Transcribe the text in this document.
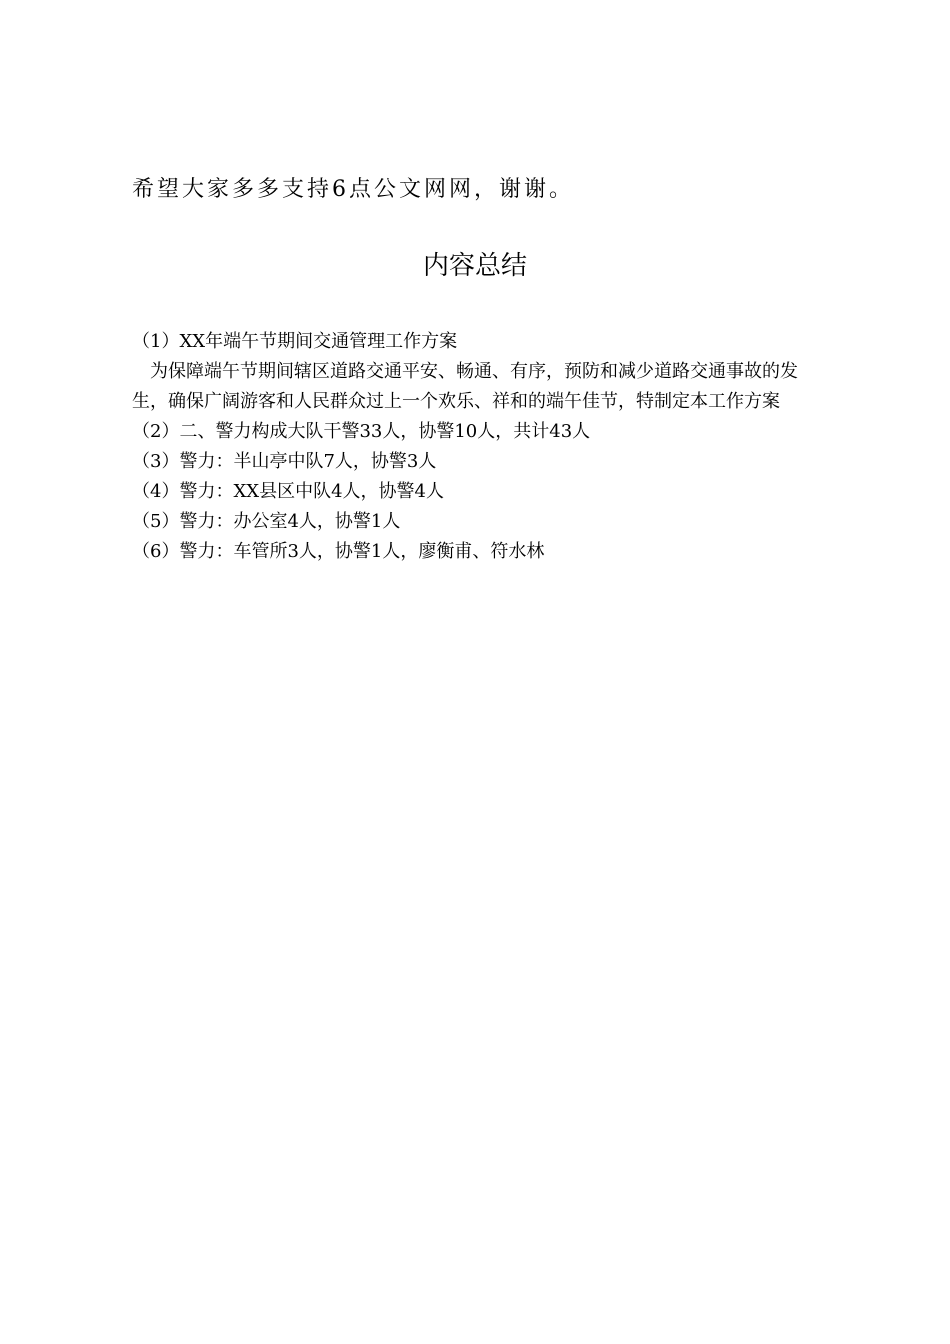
希望大家多多支持6点公文网网，谢谢。
内容总结

（1）XX年端午节期间交通管理工作方案

为保障端午节期间辖区道路交通平安、畅通、有序，预防和减少道路交通事故的发生，确保广阔游客和人民群众过上一个欢乐、祥和的端午佳节，特制定本工作方案

（2）二、警力构成大队干警33人，协警10人，共计43人

（3）警力：半山亭中队7人，协警3人

（4）警力：XX县区中队4人，协警4人

（5）警力：办公室4人，协警1人

（6）警力：车管所3人，协警1人，廖衡甫、符水林
